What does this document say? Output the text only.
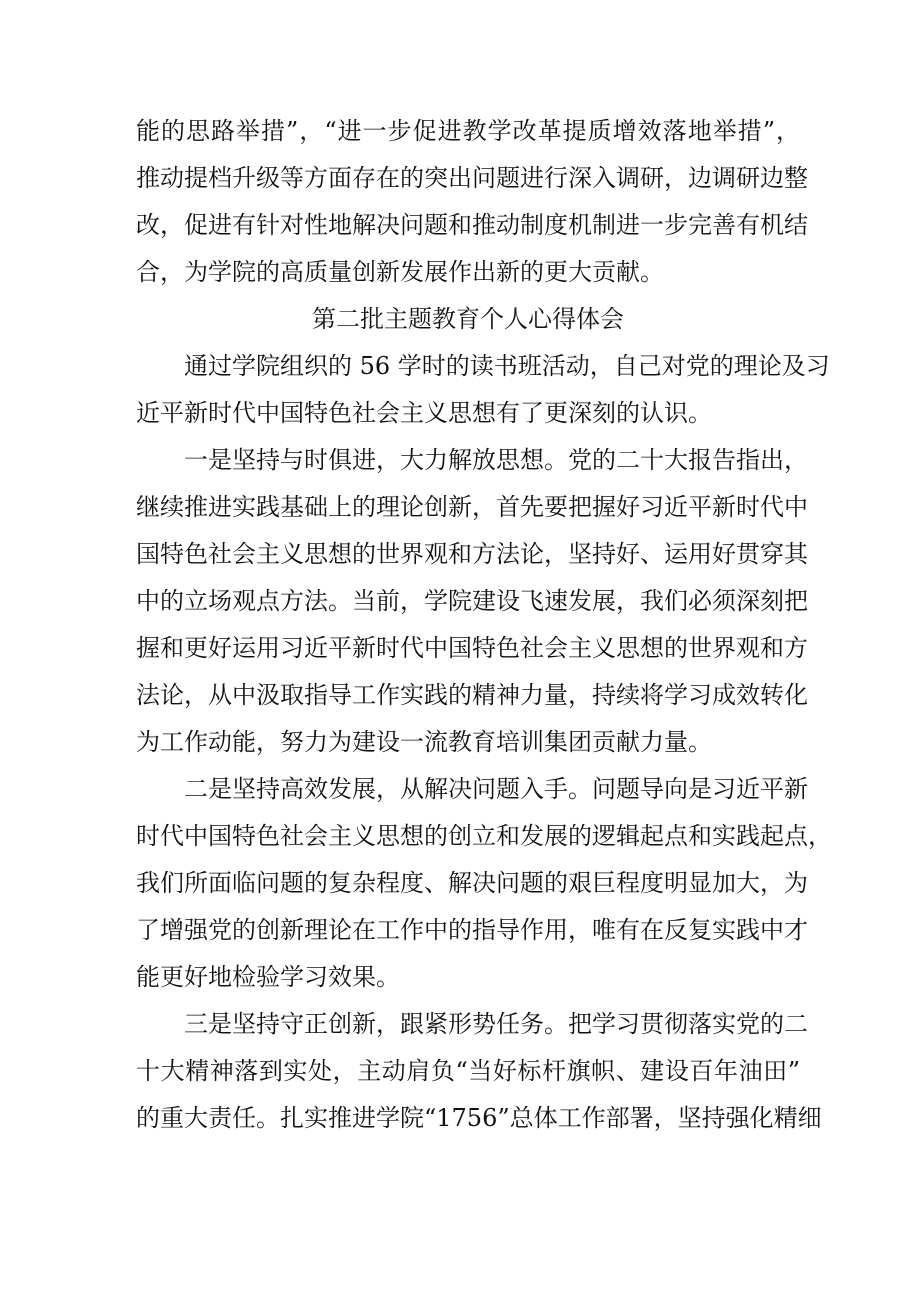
能的思路举措”，“进一步促进教学改革提质增效落地举措”，
推动提档升级等方面存在的突出问题进行深入调研，边调研边整
改，促进有针对性地解决问题和推动制度机制进一步完善有机结
合，为学院的高质量创新发展作出新的更大贡献。
第二批主题教育个人心得体会
通过学院组织的 56 学时的读书班活动，自己对党的理论及习
近平新时代中国特色社会主义思想有了更深刻的认识。
一是坚持与时俱进，大力解放思想。党的二十大报告指出，
继续推进实践基础上的理论创新，首先要把握好习近平新时代中
国特色社会主义思想的世界观和方法论，坚持好、运用好贯穿其
中的立场观点方法。当前，学院建设飞速发展，我们必须深刻把
握和更好运用习近平新时代中国特色社会主义思想的世界观和方
法论，从中汲取指导工作实践的精神力量，持续将学习成效转化
为工作动能，努力为建设一流教育培训集团贡献力量。
二是坚持高效发展，从解决问题入手。问题导向是习近平新
时代中国特色社会主义思想的创立和发展的逻辑起点和实践起点，
我们所面临问题的复杂程度、解决问题的艰巨程度明显加大，为
了增强党的创新理论在工作中的指导作用，唯有在反复实践中才
能更好地检验学习效果。
三是坚持守正创新，跟紧形势任务。把学习贯彻落实党的二
十大精神落到实处，主动肩负“当好标杆旗帜、建设百年油田”
的重大责任。扎实推进学院“1756”总体工作部署，坚持强化精细
